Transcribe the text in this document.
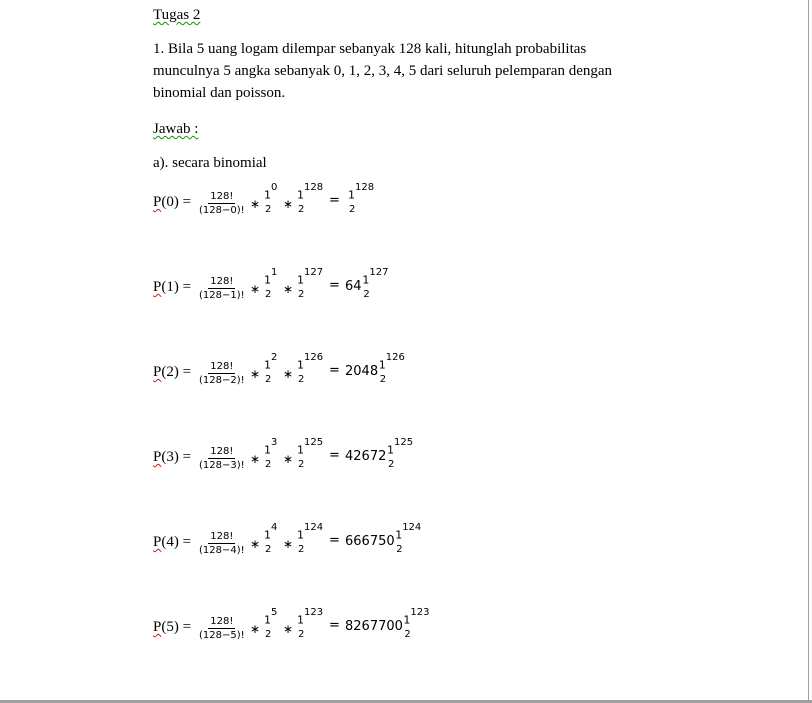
Tugas 2
1. Bila 5 uang logam dilempar sebanyak 128 kali, hitunglah probabilitas
munculnya 5 angka sebanyak 0, 1, 2, 3, 4, 5 dari seluruh pelemparan dengan
binomial dan poisson.
Jawab :
a). secara binomial
$P(0) = \frac{128!}{(128-0)!}$ ∗
$1^0$
2 ∗
$1^{128}$
2
= $1^{128}$
2
$P(1) = \frac{128!}{(128-1)!}$ ∗
$1^1$
2 ∗
$1^{127}$
2
= 64 $1^{127}$
2
$P(2) = \frac{128!}{(128-2)!}$ ∗
$1^2$
2 ∗
$1^{126}$
2
= 2048 $1^{126}$
2
$P(3) = \frac{128!}{(128-3)!}$ ∗
$1^3$
2 ∗
$1^{125}$
2
= 42672 $1^{125}$
2
$P(4) = \frac{128!}{(128-4)!}$ ∗
$1^4$
2 ∗
$1^{124}$
2
= 666750 $1^{124}$
2
$P(5) = \frac{128!}{(128-5)!}$ ∗
$1^5$
2 ∗
$1^{123}$
2
= 8267700 $1^{123}$
2
